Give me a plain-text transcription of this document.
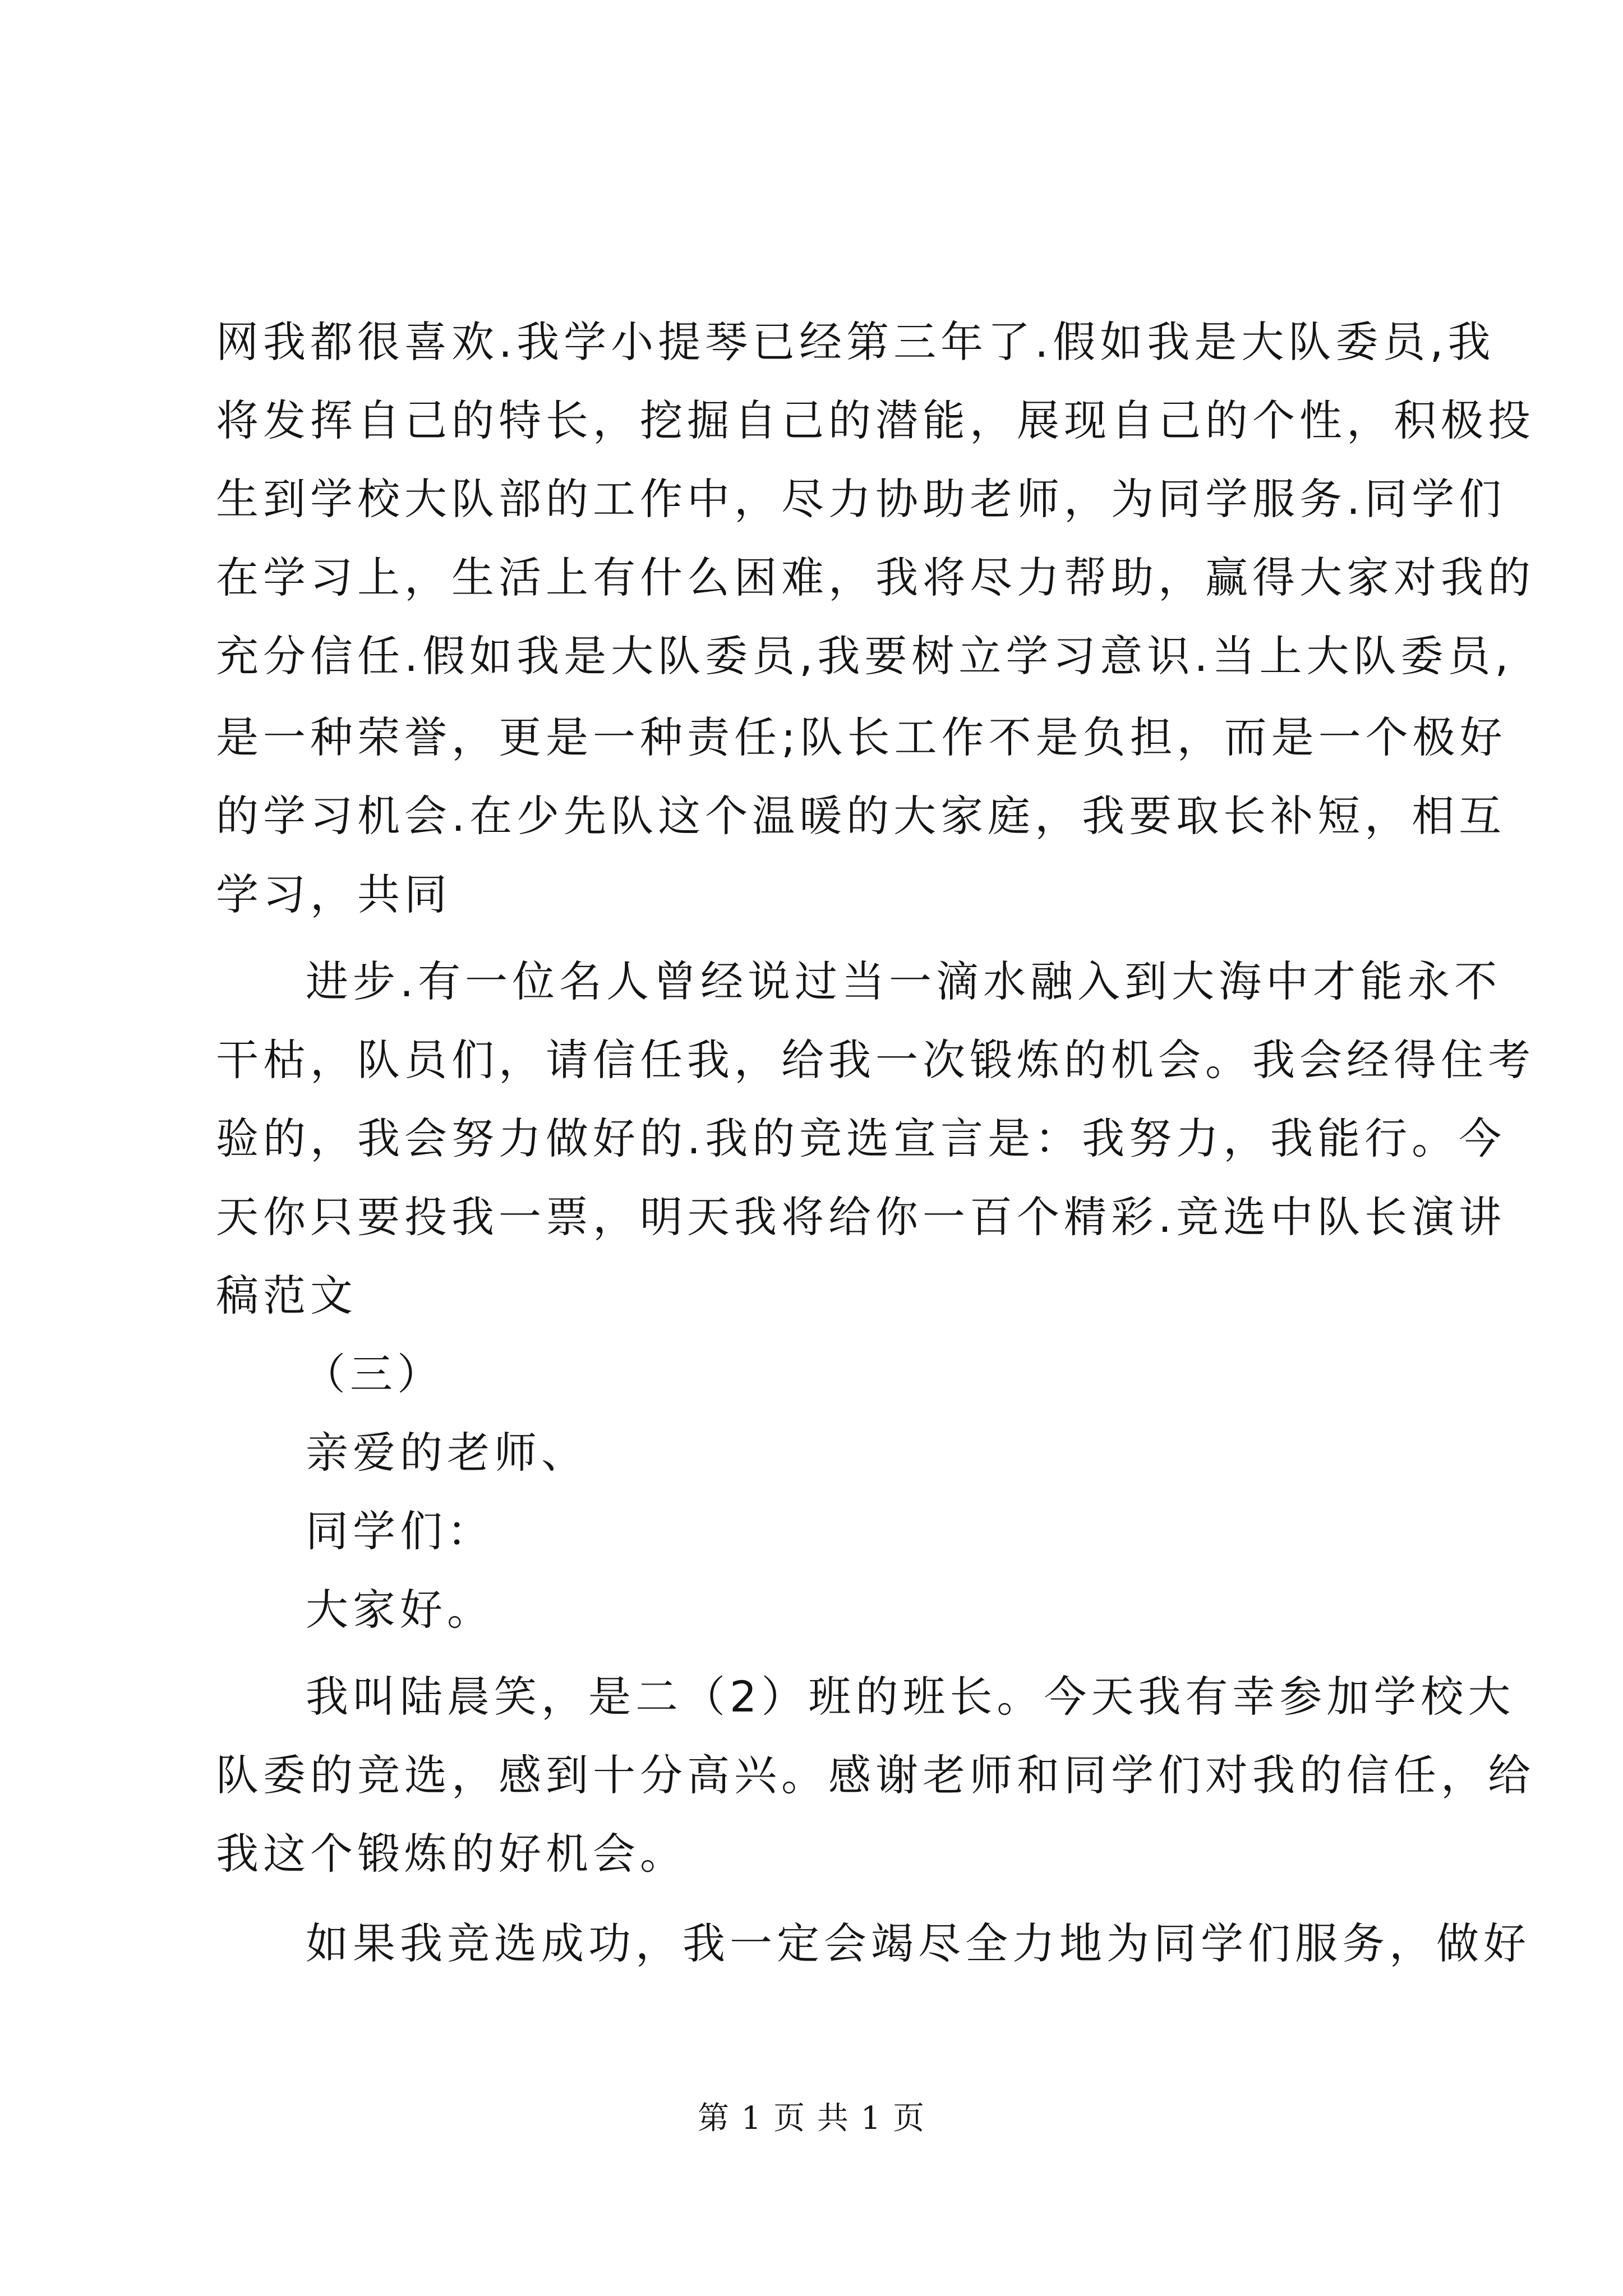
网我都很喜欢.我学小提琴已经第三年了.假如我是大队委员,我
将发挥自己的特长，挖掘自己的潜能，展现自己的个性，积极投
生到学校大队部的工作中，尽力协助老师，为同学服务.同学们
在学习上，生活上有什么困难，我将尽力帮助，赢得大家对我的
充分信任.假如我是大队委员,我要树立学习意识.当上大队委员,
是一种荣誉，更是一种责任;队长工作不是负担，而是一个极好
的学习机会.在少先队这个温暖的大家庭，我要取长补短，相互
学习，共同
进步.有一位名人曾经说过当一滴水融入到大海中才能永不
干枯，队员们，请信任我，给我一次锻炼的机会。我会经得住考
验的，我会努力做好的.我的竞选宣言是：我努力，我能行。今
天你只要投我一票，明天我将给你一百个精彩.竞选中队长演讲
稿范文
（三）
亲爱的老师、
同学们：
大家好。
我叫陆晨笑，是二（2）班的班长。今天我有幸参加学校大
队委的竞选，感到十分高兴。感谢老师和同学们对我的信任，给
我这个锻炼的好机会。
如果我竞选成功，我一定会竭尽全力地为同学们服务，做好
第 1 页 共 1 页
